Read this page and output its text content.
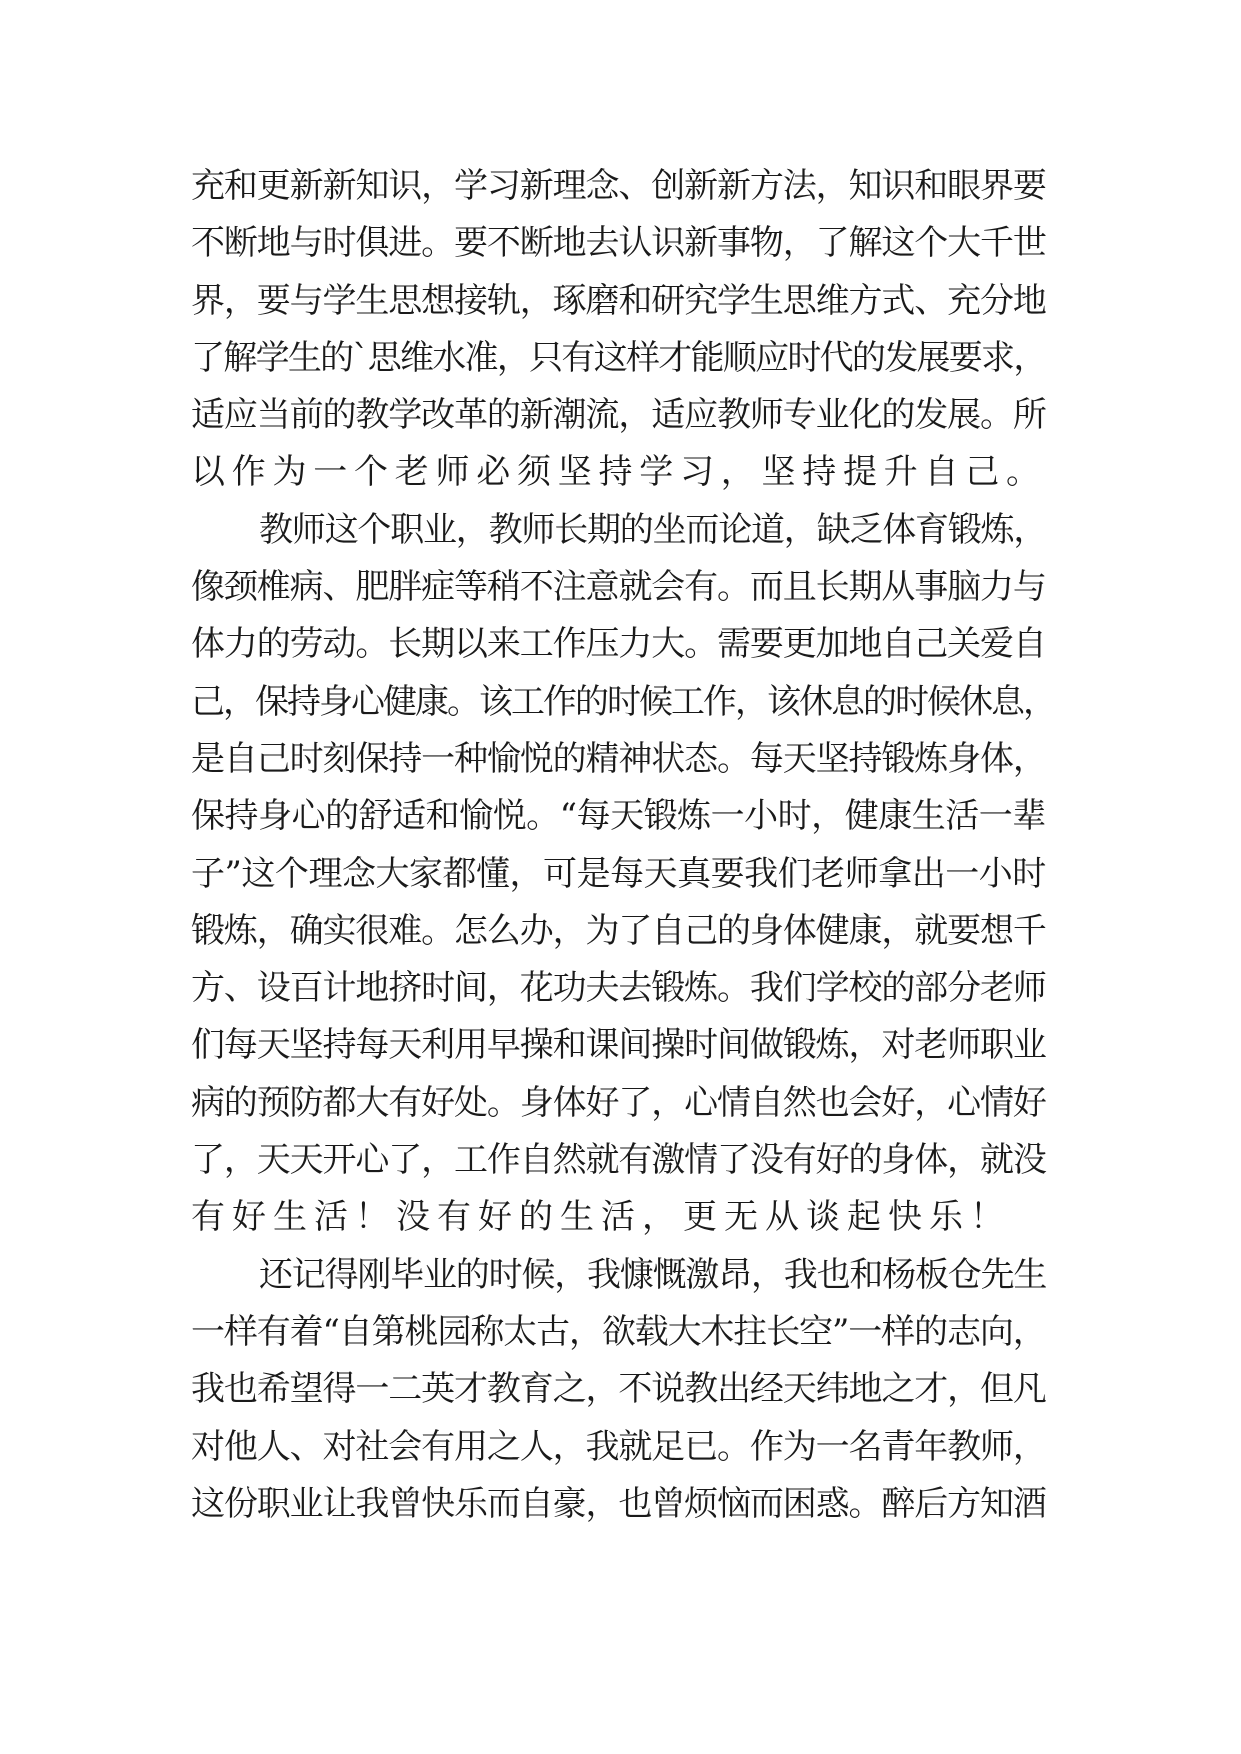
充和更新新知识，学习新理念、创新新方法，知识和眼界要
不断地与时俱进。要不断地去认识新事物，了解这个大千世
界，要与学生思想接轨，琢磨和研究学生思维方式、充分地
了解学生的`思维水准，只有这样才能顺应时代的发展要求，
适应当前的教学改革的新潮流，适应教师专业化的发展。所
以作为一个老师必须坚持学习，坚持提升自己。

教师这个职业，教师长期的坐而论道，缺乏体育锻炼，
像颈椎病、肥胖症等稍不注意就会有。而且长期从事脑力与
体力的劳动。长期以来工作压力大。需要更加地自己关爱自
己，保持身心健康。该工作的时候工作，该休息的时候休息，
是自己时刻保持一种愉悦的精神状态。每天坚持锻炼身体，
保持身心的舒适和愉悦。“每天锻炼一小时，健康生活一辈
子”这个理念大家都懂，可是每天真要我们老师拿出一小时
锻炼，确实很难。怎么办，为了自己的身体健康，就要想千
方、设百计地挤时间，花功夫去锻炼。我们学校的部分老师
们每天坚持每天利用早操和课间操时间做锻炼，对老师职业
病的预防都大有好处。身体好了，心情自然也会好，心情好
了，天天开心了，工作自然就有激情了没有好的身体，就没
有好生活！没有好的生活，更无从谈起快乐！

还记得刚毕业的时候，我慷慨激昂，我也和杨板仓先生
一样有着“自第桃园称太古，欲载大木拄长空”一样的志向，
我也希望得一二英才教育之，不说教出经天纬地之才，但凡
对他人、对社会有用之人，我就足已。作为一名青年教师，
这份职业让我曾快乐而自豪，也曾烦恼而困惑。醉后方知酒
